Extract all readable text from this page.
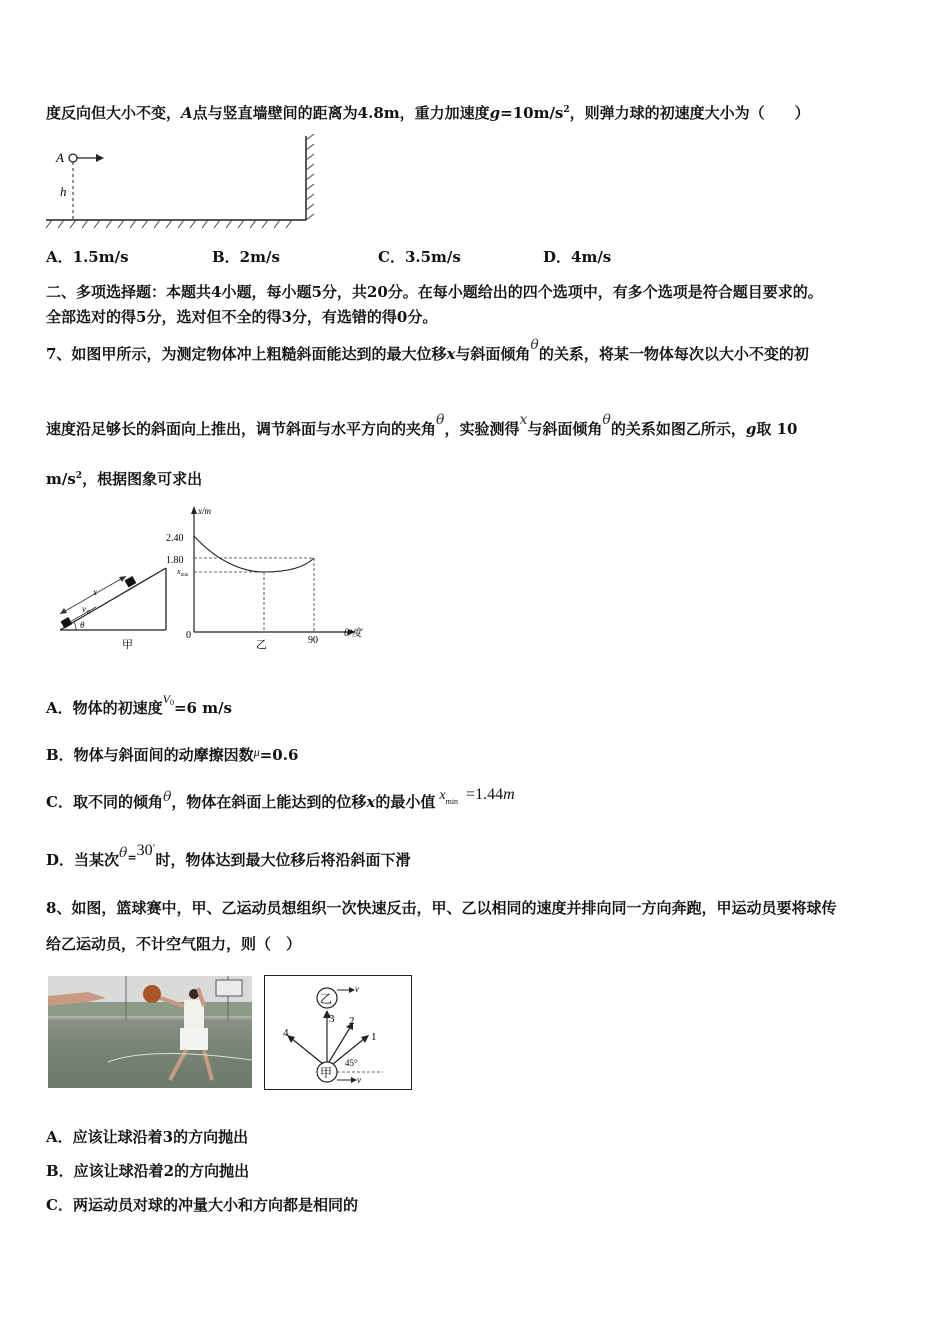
度反向但大小不变，A点与竖直墙壁间的距离为4.8m，重力加速度$g=10m/s^2$，则弹力球的初速度大小为（　　）
A
h
A．1.5m/s	B．2m/s	C．3.5m/s	D．4m/s
二、多项选择题：本题共4小题，每小题5分，共20分。在每小题给出的四个选项中，有多个选项是符合题目要求的。
全部选对的得5分，选对但不全的得3分，有选错的得0分。
7、如图甲所示，为测定物体冲上粗糙斜面能达到的最大位移x与斜面倾角θ的关系，将某一物体每次以大小不变的初
速度沿足够长的斜面向上推出，调节斜面与水平方向的夹角θ，实验测得x与斜面倾角θ的关系如图乙所示，g取 10
$m/s^2$，根据图象可求出
x
v 0
θ
甲
x/m
2.40
1.80
$x_{min}$
0	90
θ/度
乙
A．物体的初速度$^{V0}$=6 m/s
B．物体与斜面间的动摩擦因数$^\mu$=0.6
C．取不同的倾角θ，物体在斜面上能达到的位移x的最小值 $x^{min} =1.44m$
D．当某次θ=30°时，物体达到最大位移后将沿斜面下滑
8、如图，篮球赛中，甲、乙运动员想组织一次快速反击，甲、乙以相同的速度并排向同一方向奔跑，甲运动员要将球传
给乙运动员，不计空气阻力，则（　）
乙
v
甲	v
3 2
1
4
45°
A．应该让球沿着3的方向抛出
B．应该让球沿着2的方向抛出
C．两运动员对球的冲量大小和方向都是相同的
